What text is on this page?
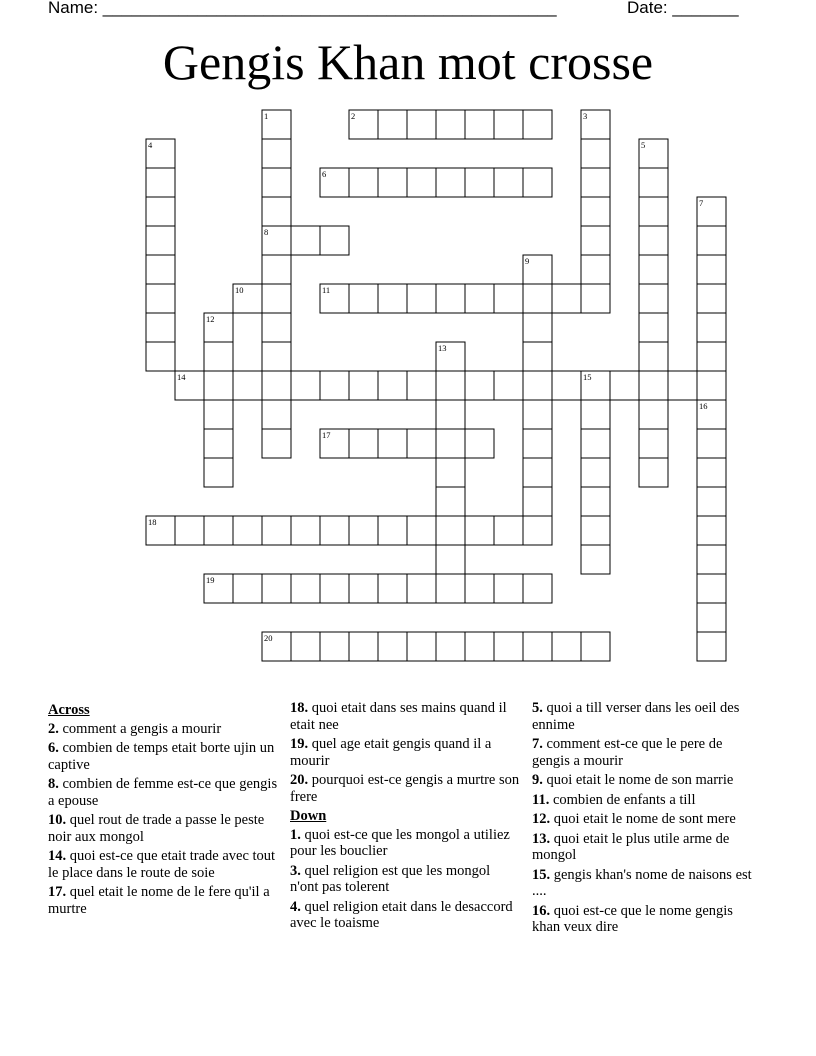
Name: ________________________________________________	Date: _______
Gengis Khan mot crosse
1	2	3
4	5
6
7
8
9
10	11
12
13
14	15
16
17
18
19
20
Across
2. comment a gengis a mourir
6. combien de temps etait borte ujin un captive
8. combien de femme est-ce que gengis a epouse
10. quel rout de trade a passe le peste noir aux mongol
14. quoi est-ce que etait trade avec tout le place dans le route de soie
17. quel etait le nome de le fere qu'il a murtre
18. quoi etait dans ses mains quand il etait nee
19. quel age etait gengis quand il a mourir
20. pourquoi est-ce gengis a murtre son frere
Down
1. quoi est-ce que les mongol a utiliez pour les bouclier
3. quel religion est que les mongol n'ont pas tolerent
4. quel religion etait dans le desaccord avec le toaisme
5. quoi a till verser dans les oeil des ennime
7. comment est-ce que le pere de gengis a mourir
9. quoi etait le nome de son marrie
11. combien de enfants a till
12. quoi etait le nome de sont mere
13. quoi etait le plus utile arme de mongol
15. gengis khan's nome de naisons est ....
16. quoi est-ce que le nome gengis khan veux dire
